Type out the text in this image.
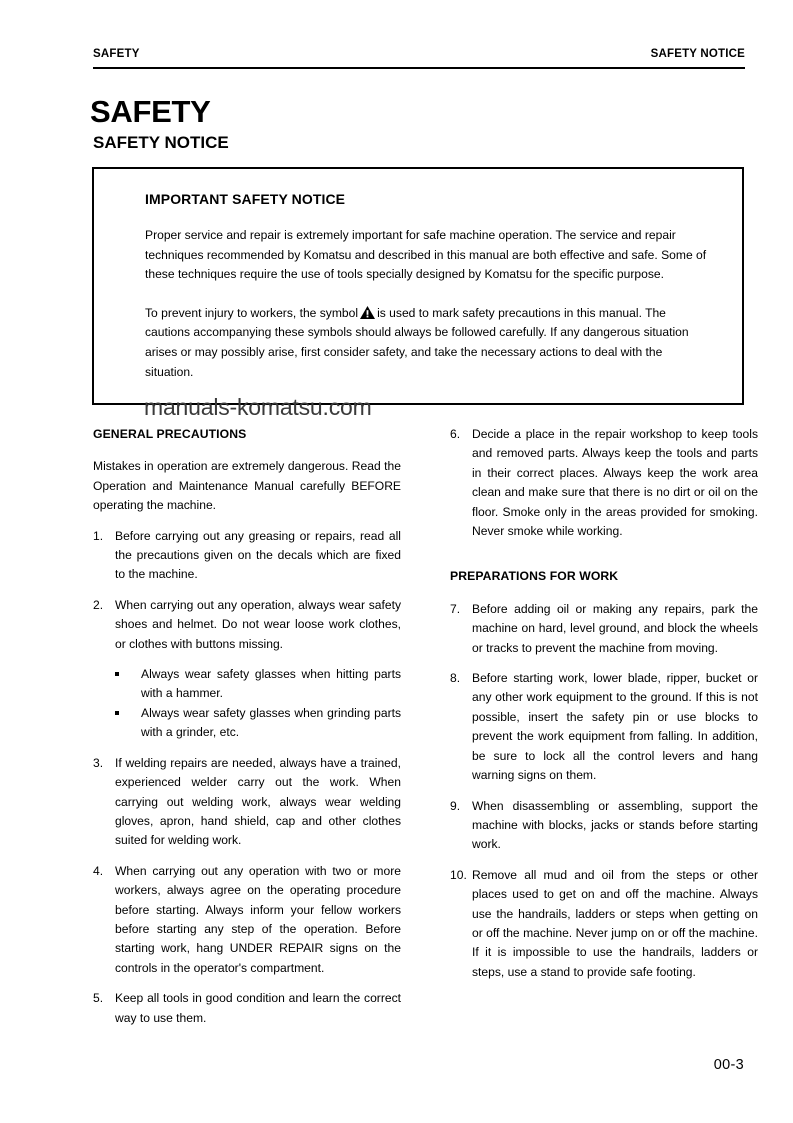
SAFETY	SAFETY NOTICE
SAFETY
SAFETY NOTICE
IMPORTANT SAFETY NOTICE

Proper service and repair is extremely important for safe machine operation. The service and repair techniques recommended by Komatsu and described in this manual are both effective and safe. Some of these techniques require the use of tools specially designed by Komatsu for the specific purpose.

To prevent injury to workers, the symbol is used to mark safety precautions in this manual. The cautions accompanying these symbols should always be followed carefully. If any dangerous situation arises or may possibly arise, first consider safety, and take the necessary actions to deal with the situation.

manuals-komatsu.com
GENERAL PRECAUTIONS

Mistakes in operation are extremely dangerous. Read the Operation and Maintenance Manual carefully BEFORE operating the machine.

1. Before carrying out any greasing or repairs, read all the precautions given on the decals which are fixed to the machine.
2. When carrying out any operation, always wear safety shoes and helmet. Do not wear loose work clothes, or clothes with buttons missing.
Always wear safety glasses when hitting parts with a hammer.
Always wear safety glasses when grinding parts with a grinder, etc.
3. If welding repairs are needed, always have a trained, experienced welder carry out the work. When carrying out welding work, always wear welding gloves, apron, hand shield, cap and other clothes suited for welding work.
4. When carrying out any operation with two or more workers, always agree on the operating procedure before starting. Always inform your fellow workers before starting any step of the operation. Before starting work, hang UNDER REPAIR signs on the controls in the operator's compartment.
5. Keep all tools in good condition and learn the correct way to use them.
6. Decide a place in the repair workshop to keep tools and removed parts. Always keep the tools and parts in their correct places. Always keep the work area clean and make sure that there is no dirt or oil on the floor. Smoke only in the areas provided for smoking. Never smoke while working.
PREPARATIONS FOR WORK
7. Before adding oil or making any repairs, park the machine on hard, level ground, and block the wheels or tracks to prevent the machine from moving.
8. Before starting work, lower blade, ripper, bucket or any other work equipment to the ground. If this is not possible, insert the safety pin or use blocks to prevent the work equipment from falling. In addition, be sure to lock all the control levers and hang warning signs on them.
9. When disassembling or assembling, support the machine with blocks, jacks or stands before starting work.
10. Remove all mud and oil from the steps or other places used to get on and off the machine. Always use the handrails, ladders or steps when getting on or off the machine. Never jump on or off the machine. If it is impossible to use the handrails, ladders or steps, use a stand to provide safe footing.
00-3
